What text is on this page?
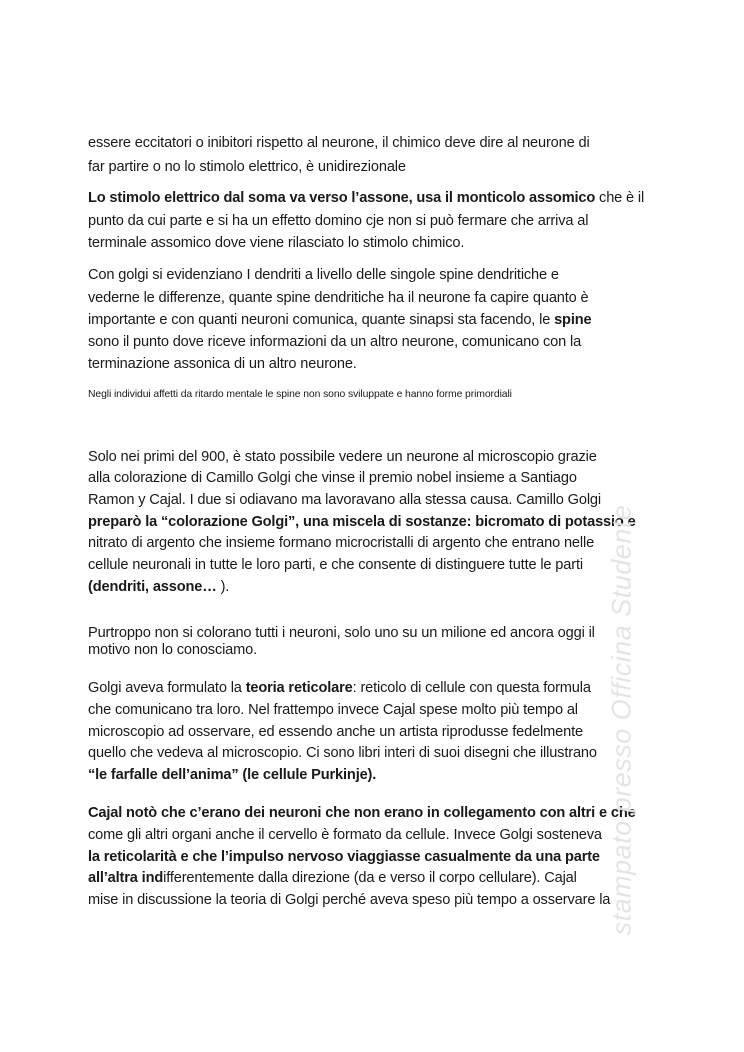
essere eccitatori o inibitori rispetto al neurone, il chimico deve dire al neurone di
far partire o no lo stimolo elettrico, è unidirezionale
Lo stimolo elettrico dal soma va verso l’assone, usa il monticolo assomico che è il
punto da cui parte e si ha un effetto domino cje non si può fermare che arriva al
terminale assomico dove viene rilasciato lo stimolo chimico.
Con golgi si evidenziano I dendriti a livello delle singole spine dendritiche e
vederne le differenze, quante spine dendritiche ha il neurone fa capire quanto è
importante e con quanti neuroni comunica, quante sinapsi sta facendo, le spine
sono il punto dove riceve informazioni da un altro neurone, comunicano con la
terminazione assonica di un altro neurone.
Negli individui affetti da ritardo mentale le spine non sono sviluppate e hanno forme primordiali
Solo nei primi del 900, è stato possibile vedere un neurone al microscopio grazie
alla colorazione di Camillo Golgi che vinse il premio nobel insieme a Santiago
Ramon y Cajal. I due si odiavano ma lavoravano alla stessa causa. Camillo Golgi
preparò la “colorazione Golgi”, una miscela di sostanze: bicromato di potassio e
nitrato di argento che insieme formano microcristalli di argento che entrano nelle
cellule neuronali in tutte le loro parti, e che consente di distinguere tutte le parti
(dendriti, assone… ).
Purtroppo non si colorano tutti i neuroni, solo uno su un milione ed ancora oggi il
motivo non lo conosciamo.
Golgi aveva formulato la teoria reticolare: reticolo di cellule con questa formula
che comunicano tra loro. Nel frattempo invece Cajal spese molto più tempo al
microscopio ad osservare, ed essendo anche un artista riprodusse fedelmente
quello che vedeva al microscopio. Ci sono libri interi di suoi disegni che illustrano
“le farfalle dell’anima” (le cellule Purkinje).
Cajal notò che c’erano dei neuroni che non erano in collegamento con altri e che
come gli altri organi anche il cervello è formato da cellule. Invece Golgi sosteneva
la reticolarità e che l’impulso nervoso viaggiasse casualmente da una parte
all’altra indifferentemente dalla direzione (da e verso il corpo cellulare). Cajal
mise in discussione la teoria di Golgi perché aveva speso più tempo a osservare la
stampato presso Officina Studente
